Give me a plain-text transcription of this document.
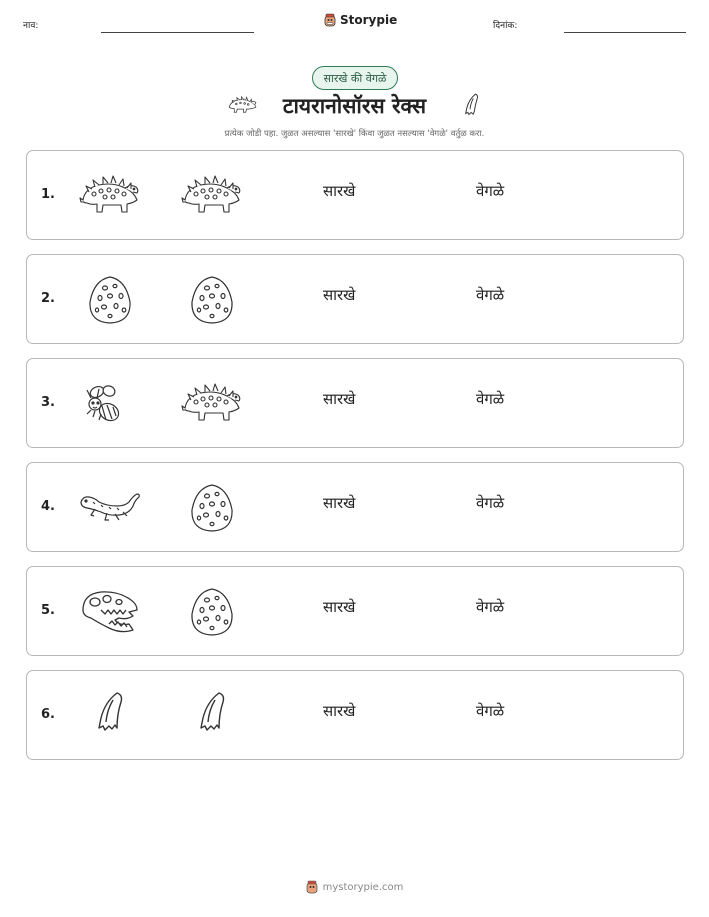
नाव:	Storypie	दिनांक:
सारखे की वेगळे
टायरानोसॉरस रेक्स
प्रत्येक जोडी पहा. जुळत असल्यास 'सारखे' किंवा जुळत नसल्यास 'वेगळे' वर्तुळ करा.
1.	सारखे	वेगळे
2.	सारखे	वेगळे
3.	सारखे	वेगळे
4.	सारखे	वेगळे
5.	सारखे	वेगळे
6.	सारखे	वेगळे
mystorypie.com
